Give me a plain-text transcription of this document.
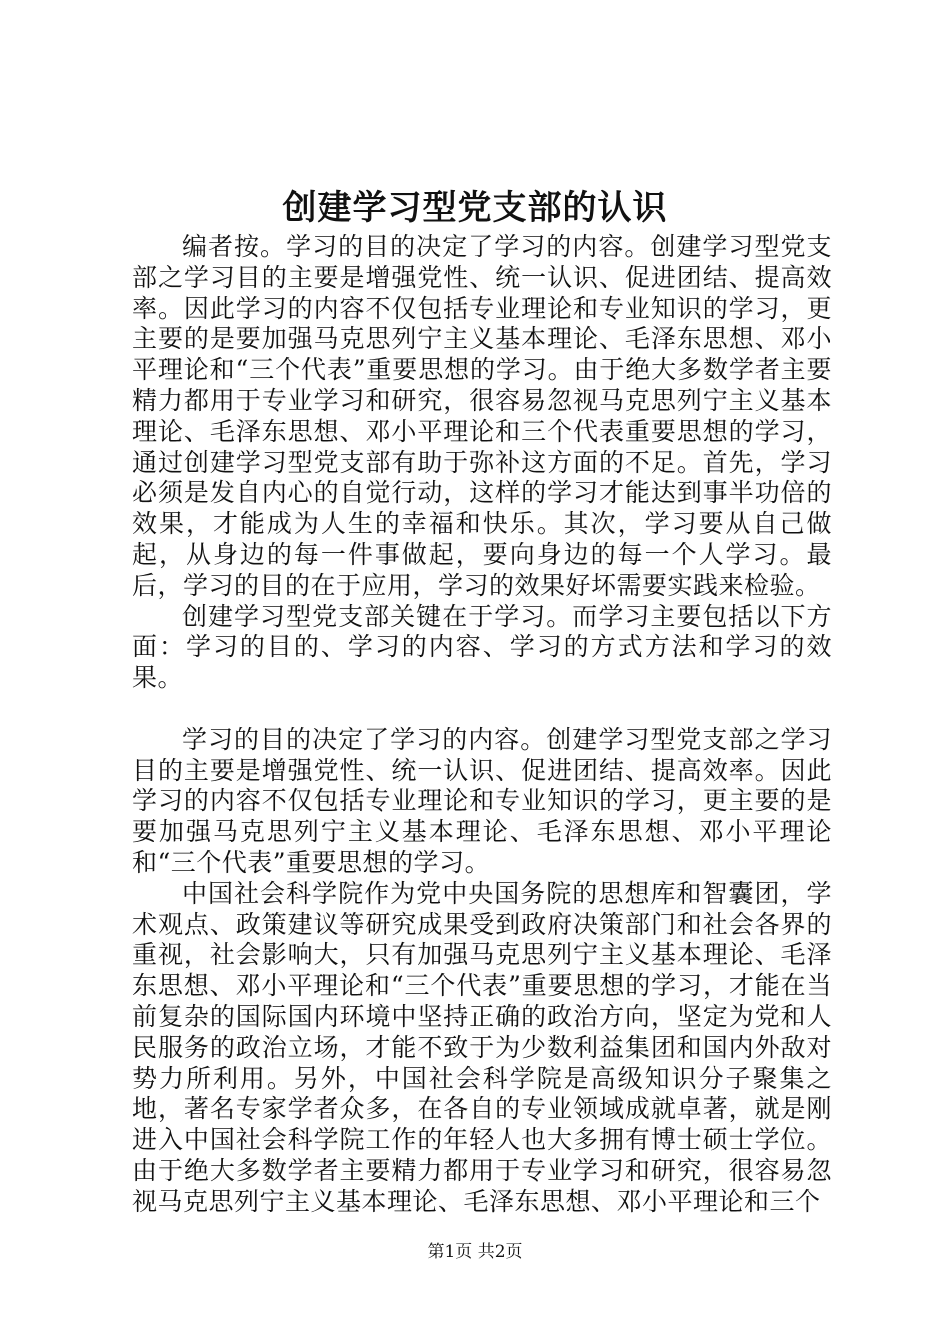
创建学习型党支部的认识

编者按。学习的目的决定了学习的内容。创建学习型党支部之学习目的主要是增强党性、统一认识、促进团结、提高效率。因此学习的内容不仅包括专业理论和专业知识的学习，更主要的是要加强马克思列宁主义基本理论、毛泽东思想、邓小平理论和“三个代表”重要思想的学习。由于绝大多数学者主要精力都用于专业学习和研究，很容易忽视马克思列宁主义基本理论、毛泽东思想、邓小平理论和三个代表重要思想的学习，通过创建学习型党支部有助于弥补这方面的不足。首先，学习必须是发自内心的自觉行动，这样的学习才能达到事半功倍的效果，才能成为人生的幸福和快乐。其次，学习要从自己做起，从身边的每一件事做起，要向身边的每一个人学习。最后，学习的目的在于应用，学习的效果好坏需要实践来检验。

创建学习型党支部关键在于学习。而学习主要包括以下方面：学习的目的、学习的内容、学习的方式方法和学习的效果。

学习的目的决定了学习的内容。创建学习型党支部之学习目的主要是增强党性、统一认识、促进团结、提高效率。因此学习的内容不仅包括专业理论和专业知识的学习，更主要的是要加强马克思列宁主义基本理论、毛泽东思想、邓小平理论和“三个代表”重要思想的学习。

中国社会科学院作为党中央国务院的思想库和智囊团，学术观点、政策建议等研究成果受到政府决策部门和社会各界的重视，社会影响大，只有加强马克思列宁主义基本理论、毛泽东思想、邓小平理论和“三个代表”重要思想的学习，才能在当前复杂的国际国内环境中坚持正确的政治方向，坚定为党和人民服务的政治立场，才能不致于为少数利益集团和国内外敌对势力所利用。另外，中国社会科学院是高级知识分子聚集之地，著名专家学者众多，在各自的专业领域成就卓著，就是刚进入中国社会科学院工作的年轻人也大多拥有博士硕士学位。由于绝大多数学者主要精力都用于专业学习和研究，很容易忽视马克思列宁主义基本理论、毛泽东思想、邓小平理论和三个

第1页 共2页
